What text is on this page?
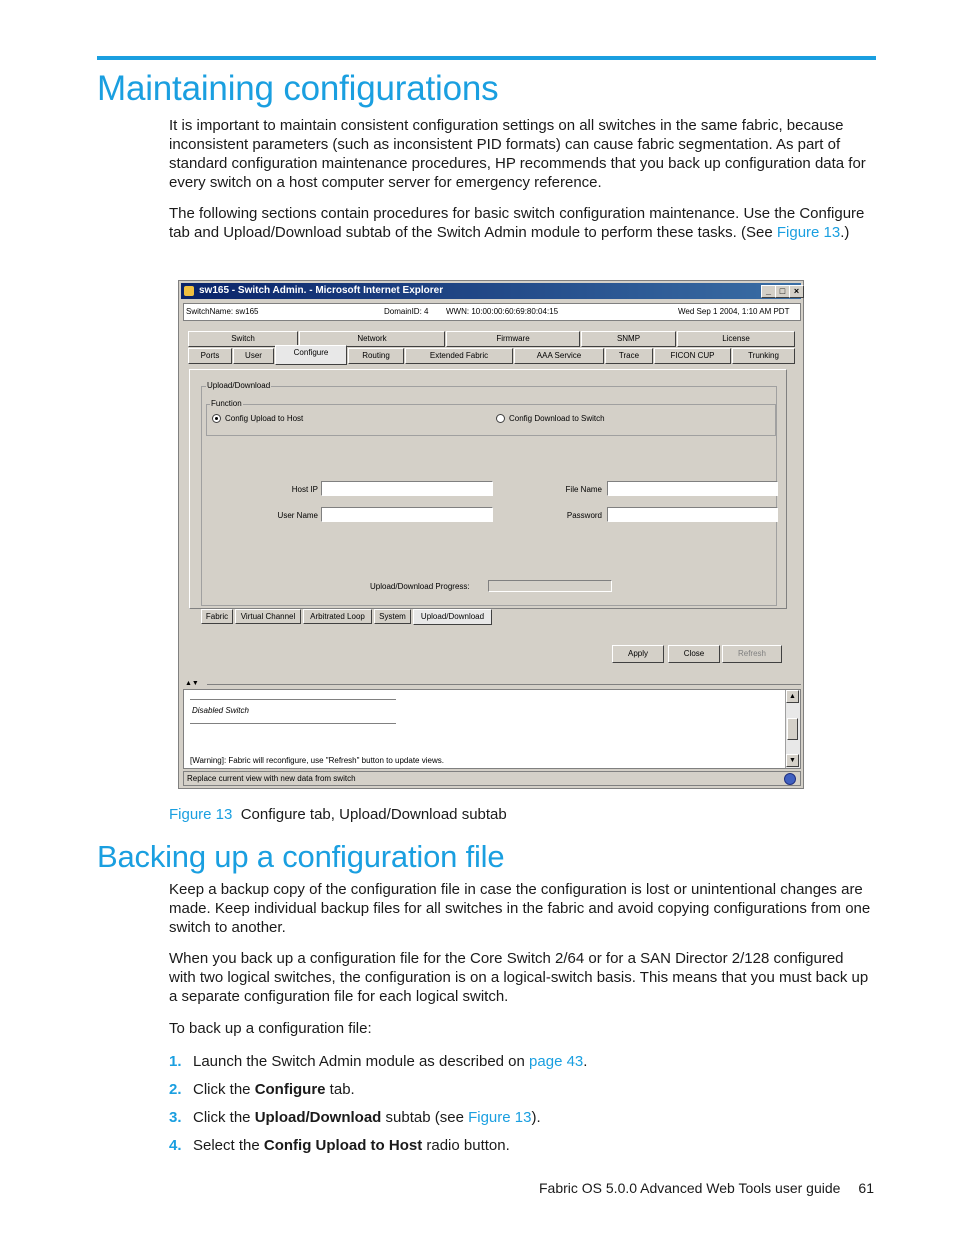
Maintaining configurations

It is important to maintain consistent configuration settings on all switches in the same fabric, because inconsistent parameters (such as inconsistent PID formats) can cause fabric segmentation. As part of standard configuration maintenance procedures, HP recommends that you back up configuration data for every switch on a host computer server for emergency reference.

The following sections contain procedures for basic switch configuration maintenance. Use the Configure tab and Upload/Download subtab of the Switch Admin module to perform these tasks. (See Figure 13.)

sw165 - Switch Admin. - Microsoft Internet Explorer	_ □ ×
SwitchName: sw165	DomainID: 4 WWN: 10:00:00:60:69:80:04:15	Wed Sep 1 2004, 1:10 AM PDT
Switch	Network	Firmware	SNMP	License
Ports	User	Configure	Routing	Extended Fabric	AAA Service	Trace	FICON CUP	Trunking
Upload/Download
Function
Config Upload to Host	Config Download to Switch
Host IP
User Name
File Name
Password
Upload/Download Progress:
Fabric	Virtual Channel	Arbitrated Loop	System	Upload/Download
Apply	Close	Refresh
▲▼
Disabled Switch
[Warning]: Fabric will reconfigure, use "Refresh" button to update views.
▲
▼
Replace current view with new data from switch
Figure 13 Configure tab, Upload/Download subtab
Backing up a configuration file

Keep a backup copy of the configuration file in case the configuration is lost or unintentional changes are made. Keep individual backup files for all switches in the fabric and avoid copying configurations from one switch to another.

When you back up a configuration file for the Core Switch 2/64 or for a SAN Director 2/128 configured with two logical switches, the configuration is on a logical-switch basis. This means that you must back up a separate configuration file for each logical switch.

To back up a configuration file:

1. Launch the Switch Admin module as described on page 43.
2. Click the Configure tab.
3. Click the Upload/Download subtab (see Figure 13).
4. Select the Config Upload to Host radio button.
Fabric OS 5.0.0 Advanced Web Tools user guide 61
